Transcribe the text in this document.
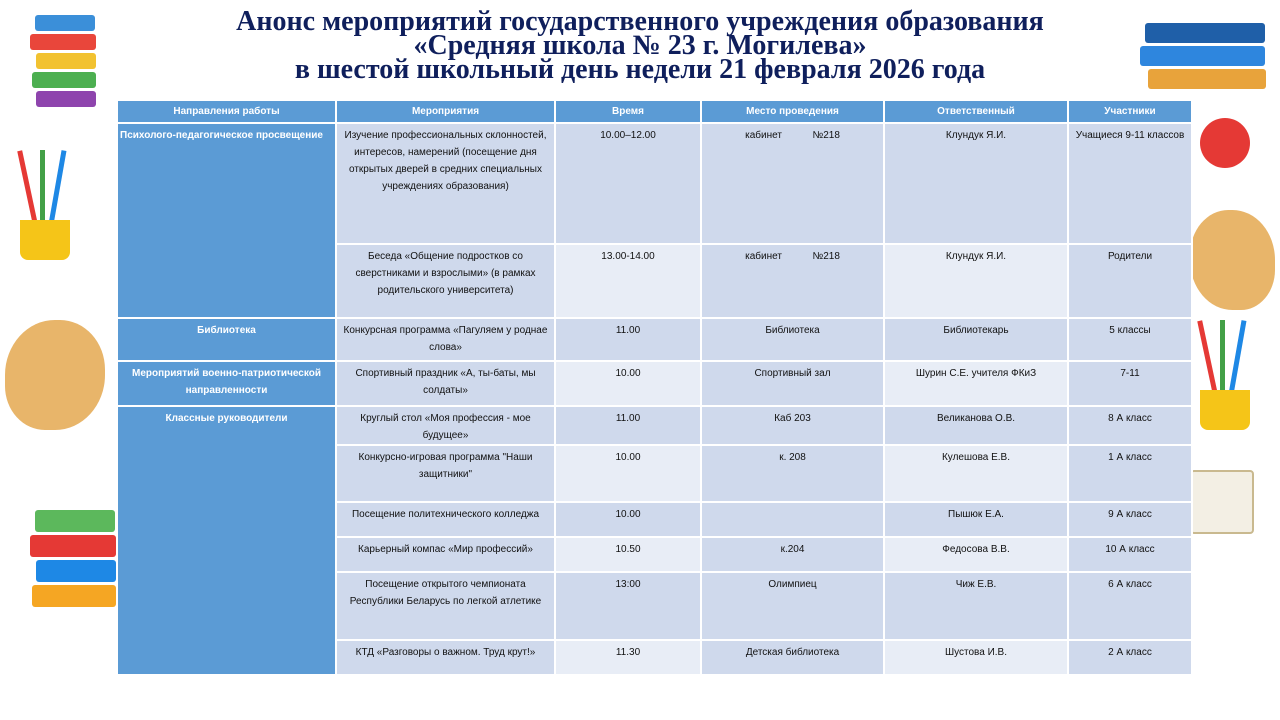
Анонс мероприятий государственного учреждения образования
«Средняя школа № 23 г. Могилева»
в шестой школьный день недели 21 февраля 2026 года
Направления работы	Мероприятия	Время	Место проведения	Ответственный	Участники
Психолого-педагогическое просвещение	Изучение профессиональных склонностей, интересов, намерений (посещение дня открытых дверей в средних специальных учреждениях образования)	10.00–12.00	кабинет           №218	Клундук Я.И.	Учащиеся 9-11 классов
	Беседа «Общение подростков со сверстниками и взрослыми» (в рамках родительского университета)	13.00-14.00	кабинет           №218	Клундук Я.И.	Родители
Библиотека	Конкурсная программа «Пагуляем у роднае слова»	11.00	Библиотека	Библиотекарь	5 классы
Мероприятий военно-патриотической направленности	Спортивный праздник «А, ты-баты, мы солдаты»	10.00	Спортивный зал	Шурин С.Е. учителя ФКиЗ	7-11
Классные руководители	Круглый стол «Моя профессия - мое будущее»	11.00	Каб 203	Великанова О.В.	8 А класс
	Конкурсно-игровая программа "Наши защитники"	10.00	к. 208	Кулешова Е.В.	1 А класс
	Посещение политехнического колледжа	10.00		Пышюк Е.А.	9 А класс
	Карьерный компас «Мир профессий»	10.50	к.204	Федосова В.В.	10 А класс
	Посещение открытого чемпионата Республики Беларусь по легкой атлетике	13:00	Олимпиец	Чиж Е.В.	6 А класс
	КТД «Разговоры о важном. Труд крут!»	11.30	Детская библиотека	Шустова И.В.	2 А класс
